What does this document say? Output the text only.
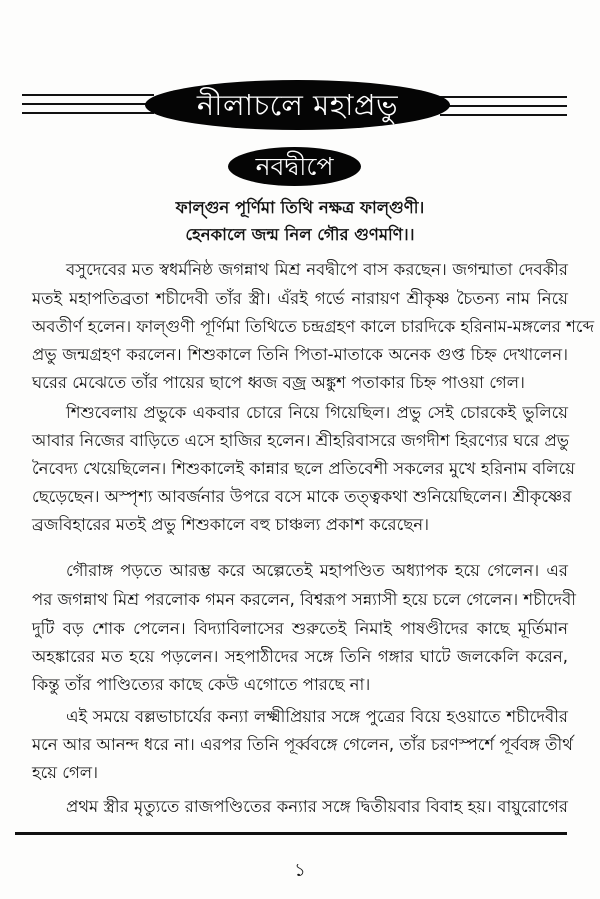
নীলাচলে মহাপ্রভু
নবদ্বীপে
ফাল্গুন পূর্ণিমা তিথি নক্ষত্র ফাল্গুণী।
হেনকালে জন্ম নিল গৌর গুণমণি।।
বসুদেবের মত স্বধর্মনিষ্ঠ জগন্নাথ মিশ্র নবদ্বীপে বাস করছেন। জগন্মাতা দেবকীর
মতই মহাপতিব্রতা শচীদেবী তাঁর স্ত্রী। এঁরই গর্ভে নারায়ণ শ্রীকৃষ্ণ চৈতন্য নাম নিয়ে
অবতীর্ণ হলেন। ফাল্গুণী পূর্ণিমা তিথিতে চন্দ্রগ্রহণ কালে চারদিকে হরিনাম-মঙ্গলের শব্দে
প্রভু জন্মগ্রহণ করলেন। শিশুকালে তিনি পিতা-মাতাকে অনেক গুপ্ত চিহ্ন দেখালেন।
ঘরের মেঝেতে তাঁর পায়ের ছাপে ধ্বজ বজ্র অঙ্কুশ পতাকার চিহ্ন পাওয়া গেল।
শিশুবেলায় প্রভুকে একবার চোরে নিয়ে গিয়েছিল। প্রভু সেই চোরকেই ভুলিয়ে
আবার নিজের বাড়িতে এসে হাজির হলেন। শ্রীহরিবাসরে জগদীশ হিরণ্যের ঘরে প্রভু
নৈবেদ্য খেয়েছিলেন। শিশুকালেই কান্নার ছলে প্রতিবেশী সকলের মুখে হরিনাম বলিয়ে
ছেড়েছেন। অস্পৃশ্য আবর্জনার উপরে বসে মাকে তত্ত্বকথা শুনিয়েছিলেন। শ্রীকৃষ্ণের
ব্রজবিহারের মতই প্রভু শিশুকালে বহু চাঞ্চল্য প্রকাশ করেছেন।
গৌরাঙ্গ পড়তে আরম্ভ করে অল্পেতেই মহাপণ্ডিত অধ্যাপক হয়ে গেলেন। এর
পর জগন্নাথ মিশ্র পরলোক গমন করলেন, বিশ্বরূপ সন্ন্যাসী হয়ে চলে গেলেন। শচীদেবী
দুটি বড় শোক পেলেন। বিদ্যাবিলাসের শুরুতেই নিমাই পাষণ্ডীদের কাছে মূর্তিমান
অহঙ্কারের মত হয়ে পড়লেন। সহপাঠীদের সঙ্গে তিনি গঙ্গার ঘাটে জলকেলি করেন,
কিন্তু তাঁর পাণ্ডিত্যের কাছে কেউ এগোতে পারছে না।
এই সময়ে বল্লভাচার্যের কন্যা লক্ষ্মীপ্রিয়ার সঙ্গে পুত্রের বিয়ে হওয়াতে শচীদেবীর
মনে আর আনন্দ ধরে না। এরপর তিনি পূর্ব্ববঙ্গে গেলেন, তাঁর চরণস্পর্শে পূর্ববঙ্গ তীর্থ
হয়ে গেল।
প্রথম স্ত্রীর মৃত্যুতে রাজপণ্ডিতের কন্যার সঙ্গে দ্বিতীয়বার বিবাহ হয়। বায়ুরোগের
১
